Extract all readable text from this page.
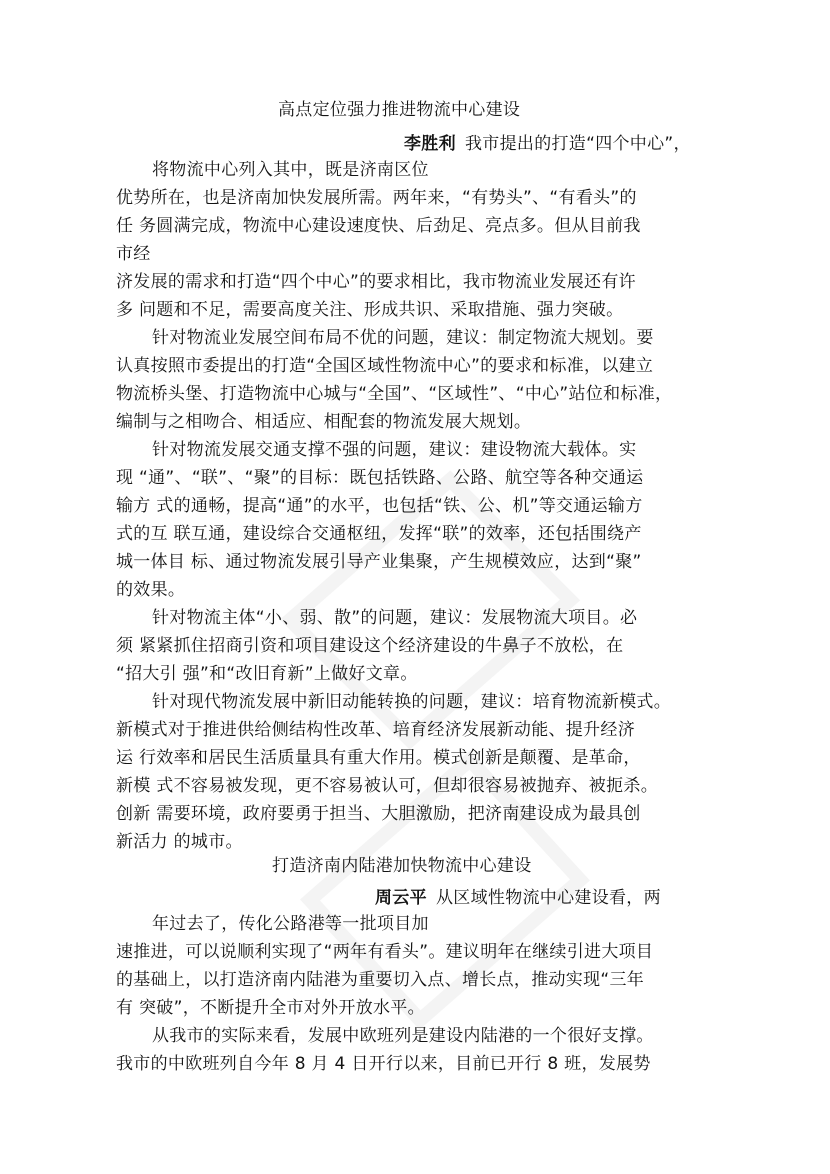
高点定位强力推进物流中心建设
李胜利 我市提出的打造“四个中心”，
将物流中心列入其中，既是济南区位
优势所在，也是济南加快发展所需。两年来，“有势头”、“有看头”的
任 务圆满完成，物流中心建设速度快、后劲足、亮点多。但从目前我
市经
济发展的需求和打造“四个中心”的要求相比，我市物流业发展还有许
多 问题和不足，需要高度关注、形成共识、采取措施、强力突破。
针对物流业发展空间布局不优的问题，建议：制定物流大规划。要
认真按照市委提出的打造“全国区域性物流中心”的要求和标准，以建立
物流桥头堡、打造物流中心城与“全国”、“区域性”、“中心”站位和标准，
编制与之相吻合、相适应、相配套的物流发展大规划。
针对物流发展交通支撑不强的问题，建议：建设物流大载体。实
现 “通”、“联”、“聚”的目标：既包括铁路、公路、航空等各种交通运
输方 式的通畅，提高“通”的水平，也包括“铁、公、机”等交通运输方
式的互 联互通，建设综合交通枢纽，发挥“联”的效率，还包括围绕产
城一体目 标、通过物流发展引导产业集聚，产生规模效应，达到“聚”
的效果。
针对物流主体“小、弱、散”的问题，建议：发展物流大项目。必
须 紧紧抓住招商引资和项目建设这个经济建设的牛鼻子不放松，在
“招大引 强”和“改旧育新”上做好文章。
针对现代物流发展中新旧动能转换的问题，建议：培育物流新模式。
新模式对于推进供给侧结构性改革、培育经济发展新动能、提升经济
运 行效率和居民生活质量具有重大作用。模式创新是颠覆、是革命，
新模 式不容易被发现，更不容易被认可，但却很容易被抛弃、被扼杀。
创新 需要环境，政府要勇于担当、大胆激励，把济南建设成为最具创
新活力 的城市。
打造济南内陆港加快物流中心建设
周云平 从区域性物流中心建设看，两
年过去了，传化公路港等一批项目加
速推进，可以说顺利实现了“两年有看头”。建议明年在继续引进大项目
的基础上，以打造济南内陆港为重要切入点、增长点，推动实现“三年
有 突破”，不断提升全市对外开放水平。
从我市的实际来看，发展中欧班列是建设内陆港的一个很好支撑。
我市的中欧班列自今年 8 月 4 日开行以来，目前已开行 8 班，发展势
